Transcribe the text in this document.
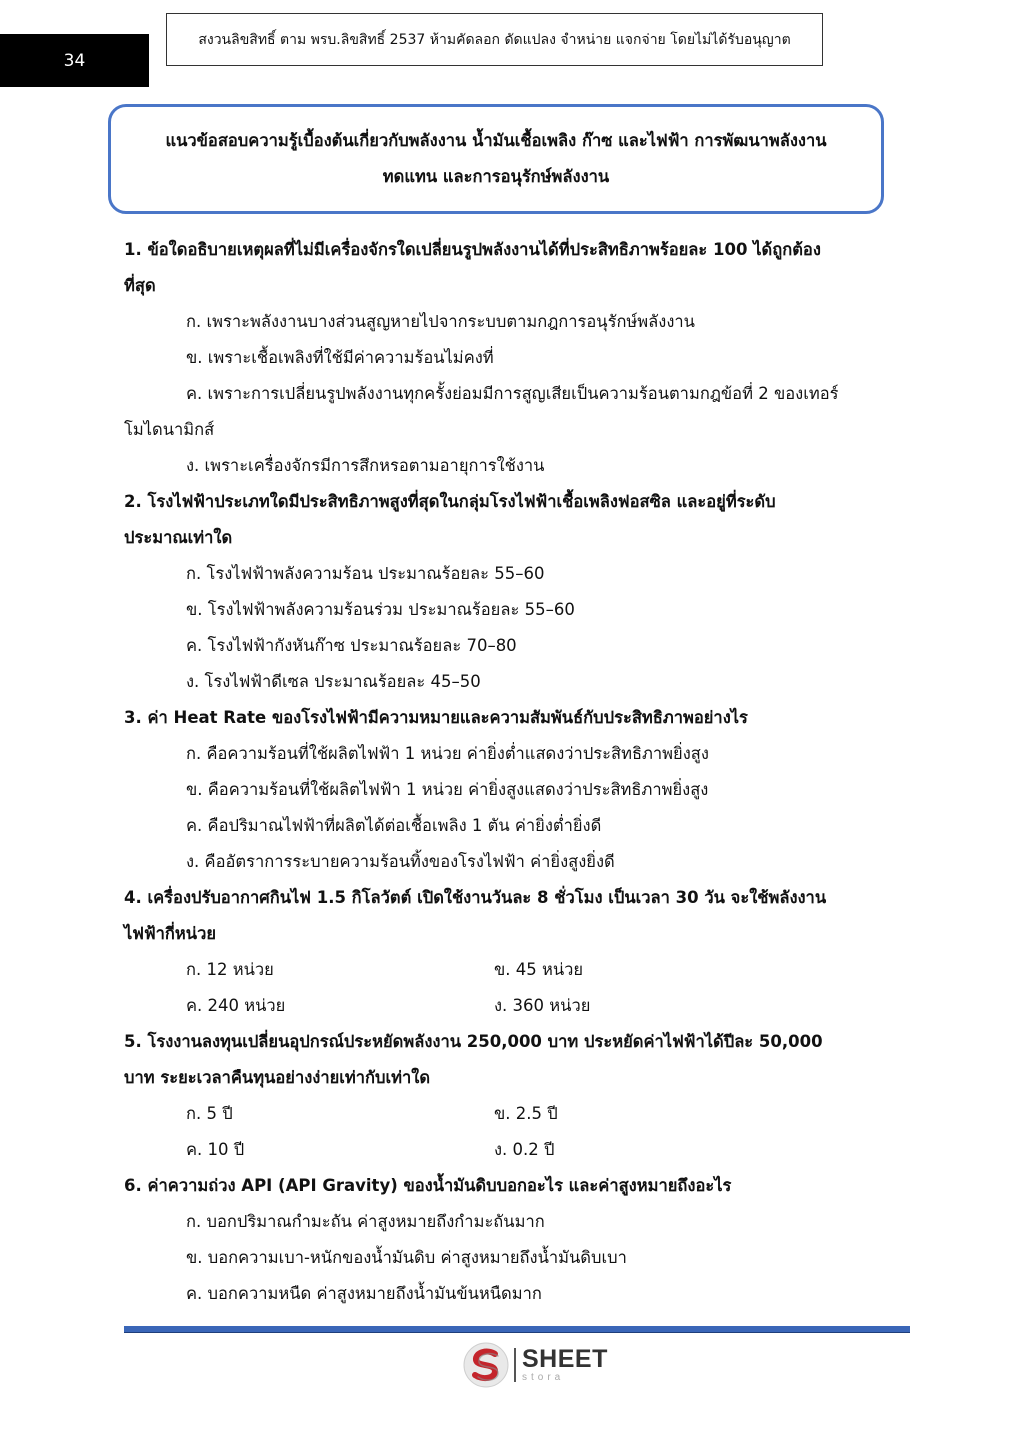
34
สงวนลิขสิทธิ์ ตาม พรบ.ลิขสิทธิ์ 2537 ห้ามคัดลอก ดัดแปลง จำหน่าย แจกจ่าย โดยไม่ได้รับอนุญาต
แนวข้อสอบความรู้เบื้องต้นเกี่ยวกับพลังงาน น้ำมันเชื้อเพลิง ก๊าซ และไฟฟ้า การพัฒนาพลังงาน
ทดแทน และการอนุรักษ์พลังงาน
1. ข้อใดอธิบายเหตุผลที่ไม่มีเครื่องจักรใดเปลี่ยนรูปพลังงานได้ที่ประสิทธิภาพร้อยละ 100 ได้ถูกต้อง
ที่สุด
ก. เพราะพลังงานบางส่วนสูญหายไปจากระบบตามกฎการอนุรักษ์พลังงาน
ข. เพราะเชื้อเพลิงที่ใช้มีค่าความร้อนไม่คงที่
ค. เพราะการเปลี่ยนรูปพลังงานทุกครั้งย่อมมีการสูญเสียเป็นความร้อนตามกฎข้อที่ 2 ของเทอร์
โมไดนามิกส์
ง. เพราะเครื่องจักรมีการสึกหรอตามอายุการใช้งาน
2. โรงไฟฟ้าประเภทใดมีประสิทธิภาพสูงที่สุดในกลุ่มโรงไฟฟ้าเชื้อเพลิงฟอสซิล และอยู่ที่ระดับ
ประมาณเท่าใด
ก. โรงไฟฟ้าพลังความร้อน ประมาณร้อยละ 55–60
ข. โรงไฟฟ้าพลังความร้อนร่วม ประมาณร้อยละ 55–60
ค. โรงไฟฟ้ากังหันก๊าซ ประมาณร้อยละ 70–80
ง. โรงไฟฟ้าดีเซล ประมาณร้อยละ 45–50
3. ค่า Heat Rate ของโรงไฟฟ้ามีความหมายและความสัมพันธ์กับประสิทธิภาพอย่างไร
ก. คือความร้อนที่ใช้ผลิตไฟฟ้า 1 หน่วย ค่ายิ่งต่ำแสดงว่าประสิทธิภาพยิ่งสูง
ข. คือความร้อนที่ใช้ผลิตไฟฟ้า 1 หน่วย ค่ายิ่งสูงแสดงว่าประสิทธิภาพยิ่งสูง
ค. คือปริมาณไฟฟ้าที่ผลิตได้ต่อเชื้อเพลิง 1 ตัน ค่ายิ่งต่ำยิ่งดี
ง. คืออัตราการระบายความร้อนทิ้งของโรงไฟฟ้า ค่ายิ่งสูงยิ่งดี
4. เครื่องปรับอากาศกินไฟ 1.5 กิโลวัตต์ เปิดใช้งานวันละ 8 ชั่วโมง เป็นเวลา 30 วัน จะใช้พลังงาน
ไฟฟ้ากี่หน่วย
ก. 12 หน่วย	ข. 45 หน่วย
ค. 240 หน่วย	ง. 360 หน่วย
5. โรงงานลงทุนเปลี่ยนอุปกรณ์ประหยัดพลังงาน 250,000 บาท ประหยัดค่าไฟฟ้าได้ปีละ 50,000
บาท ระยะเวลาคืนทุนอย่างง่ายเท่ากับเท่าใด
ก. 5 ปี	ข. 2.5 ปี
ค. 10 ปี	ง. 0.2 ปี
6. ค่าความถ่วง API (API Gravity) ของน้ำมันดิบบอกอะไร และค่าสูงหมายถึงอะไร
ก. บอกปริมาณกำมะถัน ค่าสูงหมายถึงกำมะถันมาก
ข. บอกความเบา-หนักของน้ำมันดิบ ค่าสูงหมายถึงน้ำมันดิบเบา
ค. บอกความหนืด ค่าสูงหมายถึงน้ำมันข้นหนืดมาก
SHEET
stora
